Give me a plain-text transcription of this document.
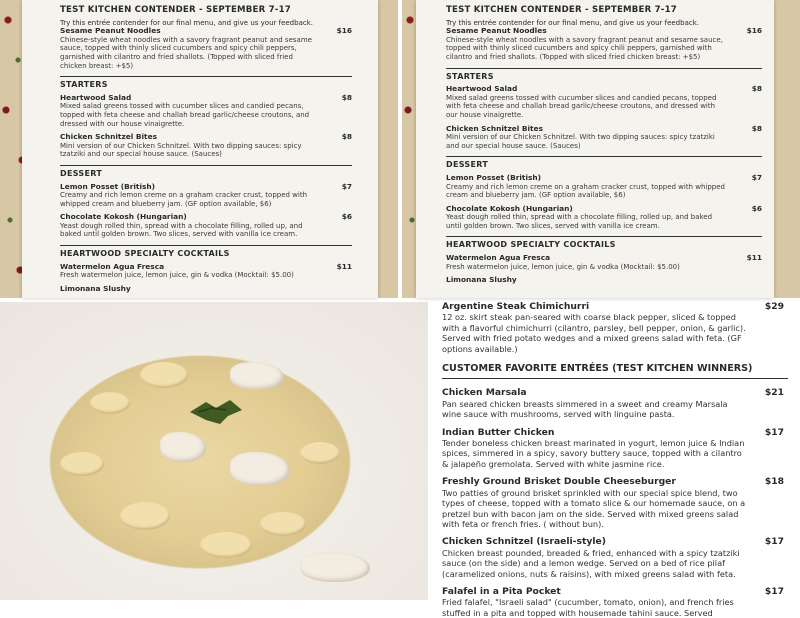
TEST KITCHEN CONTENDER - SEPTEMBER 7-17
Try this entrée contender for our final menu, and give us your feedback.
Sesame Peanut Noodles	$16
Chinese-style wheat noodles with a savory fragrant peanut and sesame sauce, topped with thinly sliced cucumbers and spicy chili peppers, garnished with cilantro and fried shallots. (Topped with sliced fried chicken breast: +$5)
STARTERS
Heartwood Salad	$8
Mixed salad greens tossed with cucumber slices and candied pecans, topped with feta cheese and challah bread garlic/cheese croutons, and dressed with our house vinaigrette.
Chicken Schnitzel Bites	$8
Mini version of our Chicken Schnitzel. With two dipping sauces: spicy tzatziki and our special house sauce. (Sauces)
DESSERT
Lemon Posset (British)	$7
Creamy and rich lemon creme on a graham cracker crust, topped with whipped cream and blueberry jam. (GF option available, $6)
Chocolate Kokosh (Hungarian)	$6
Yeast dough rolled thin, spread with a chocolate filling, rolled up, and baked until golden brown. Two slices, served with vanilla ice cream.
HEARTWOOD SPECIALTY COCKTAILS
Watermelon Agua Fresca	$11
Fresh watermelon juice, lemon juice, gin & vodka (Mocktail: $5.00)
Limonana Slushy
TEST KITCHEN CONTENDER - SEPTEMBER 7-17
Try this entrée contender for our final menu, and give us your feedback.
Sesame Peanut Noodles	$16
Chinese-style wheat noodles with a savory fragrant peanut and sesame sauce, topped with thinly sliced cucumbers and spicy chili peppers, garnished with cilantro and fried shallots. (Topped with sliced fried chicken breast: +$5)
STARTERS
Heartwood Salad	$8
Mixed salad greens tossed with cucumber slices and candied pecans, topped with feta cheese and challah bread garlic/cheese croutons, and dressed with our house vinaigrette.
Chicken Schnitzel Bites	$8
Mini version of our Chicken Schnitzel. With two dipping sauces: spicy tzatziki and our special house sauce. (Sauces)
DESSERT
Lemon Posset (British)	$7
Creamy and rich lemon creme on a graham cracker crust, topped with whipped cream and blueberry jam. (GF option available, $6)
Chocolate Kokosh (Hungarian)	$6
Yeast dough rolled thin, spread with a chocolate filling, rolled up, and baked until golden brown. Two slices, served with vanilla ice cream.
HEARTWOOD SPECIALTY COCKTAILS
Watermelon Agua Fresca	$11
Fresh watermelon juice, lemon juice, gin & vodka (Mocktail: $5.00)
Limonana Slushy
Argentine Steak Chimichurri	$29
12 oz. skirt steak pan-seared with coarse black pepper, sliced & topped with a flavorful chimichurri (cilantro, parsley, bell pepper, onion, & garlic). Served with fried potato wedges and a mixed greens salad with feta. (GF options available.)
CUSTOMER FAVORITE ENTRÉES (TEST KITCHEN WINNERS)
Chicken Marsala	$21
Pan seared chicken breasts simmered in a sweet and creamy Marsala wine sauce with mushrooms, served with linguine pasta.
Indian Butter Chicken	$17
Tender boneless chicken breast marinated in yogurt, lemon juice & Indian spices, simmered in a spicy, savory buttery sauce, topped with a cilantro & jalapeño gremolata. Served with white jasmine rice.
Freshly Ground Brisket Double Cheeseburger	$18
Two patties of ground brisket sprinkled with our special spice blend, two types of cheese, topped with a tomato slice & our homemade sauce, on a pretzel bun with bacon jam on the side. Served with mixed greens salad with feta or french fries. ( without bun).
Chicken Schnitzel (Israeli-style)	$17
Chicken breast pounded, breaded & fried, enhanced with a spicy tzatziki sauce (on the side) and a lemon wedge. Served on a bed of rice pilaf (caramelized onions, nuts & raisins), with mixed greens salad with feta.
Falafel in a Pita Pocket	$17
Fried falafel, "Israeli salad" (cucumber, tomato, onion), and french fries stuffed in a pita and topped with housemade tahini sauce. Served
